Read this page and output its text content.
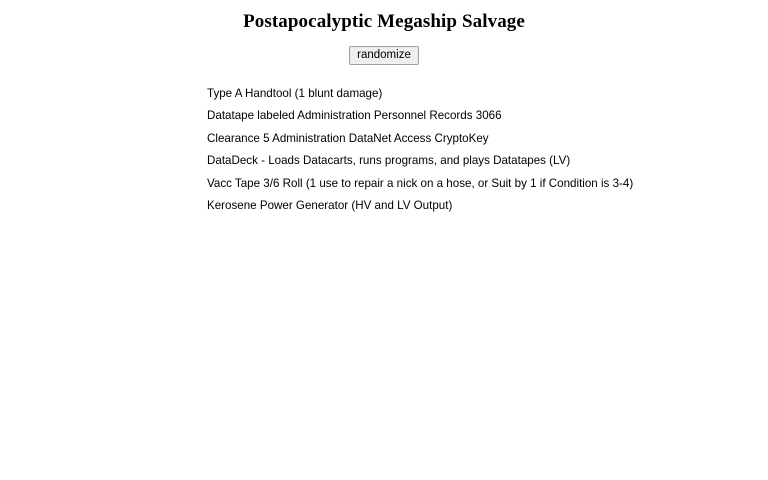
Postapocalyptic Megaship Salvage
randomize
Type A Handtool (1 blunt damage)
Datatape labeled Administration Personnel Records 3066
Clearance 5 Administration DataNet Access CryptoKey
DataDeck - Loads Datacarts, runs programs, and plays Datatapes (LV)
Vacc Tape 3/6 Roll (1 use to repair a nick on a hose, or Suit by 1 if Condition is 3-4)
Kerosene Power Generator (HV and LV Output)
